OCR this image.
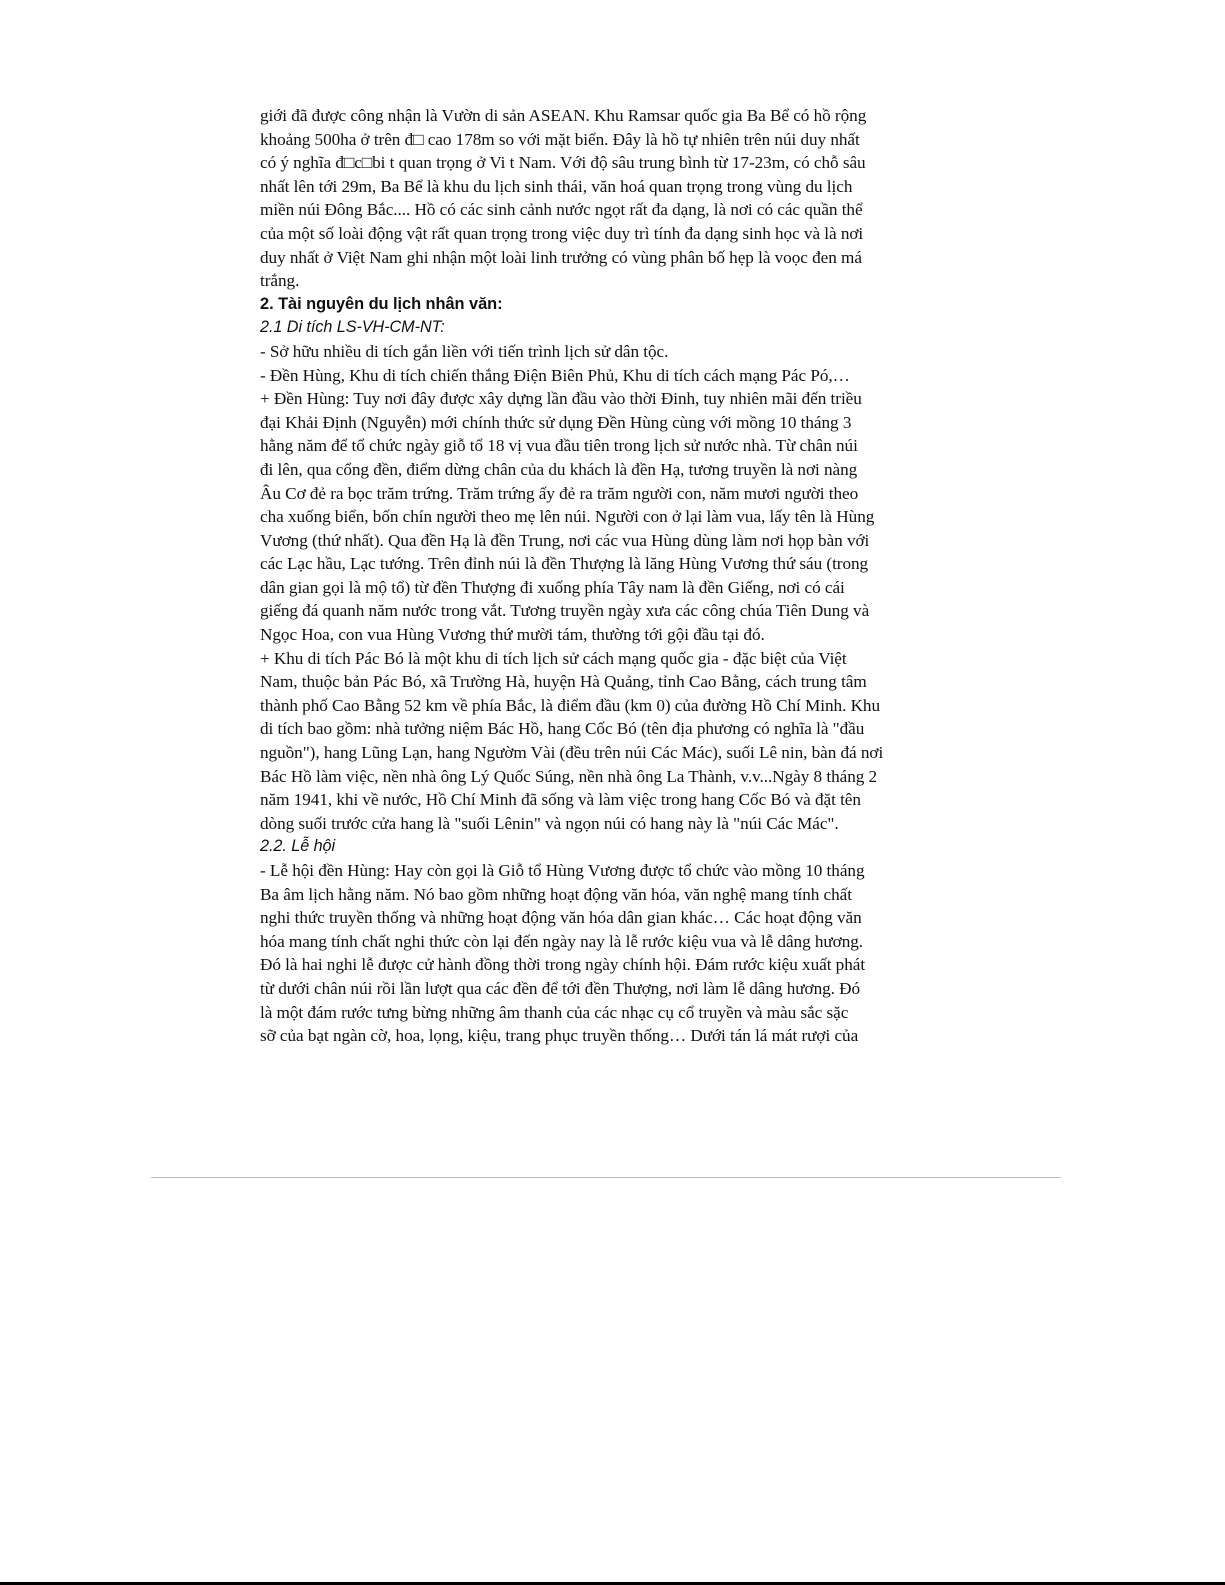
giới đã được công nhận là Vườn di sản ASEAN. Khu Ramsar quốc gia Ba Bể có hồ rộng
khoảng 500ha ở trên đ□ cao 178m so với mặt biển. Đây là hồ tự nhiên trên núi duy nhất
có ý nghĩa đ□c□bi t quan trọng ở Vi t Nam. Với độ sâu trung bình từ 17-23m, có chỗ sâu
nhất lên tới 29m, Ba Bể là khu du lịch sinh thái, văn hoá quan trọng trong vùng du lịch
miền núi Đông Bắc.... Hồ có các sinh cảnh nước ngọt rất đa dạng, là nơi có các quần thể
của một số loài động vật rất quan trọng trong việc duy trì tính đa dạng sinh học và là nơi
duy nhất ở Việt Nam ghi nhận một loài linh trưởng có vùng phân bố hẹp là voọc đen má
trắng.
2. Tài nguyên du lịch nhân văn:
2.1 Di tích LS-VH-CM-NT:
- Sở hữu nhiều di tích gắn liền với tiến trình lịch sử dân tộc.
- Đền Hùng, Khu di tích chiến thắng Điện Biên Phủ, Khu di tích cách mạng Pác Pó,…
+ Đền Hùng: Tuy nơi đây được xây dựng lần đầu vào thời Đinh, tuy nhiên mãi đến triều
đại Khải Định (Nguyễn) mới chính thức sử dụng Đền Hùng cùng với mồng 10 tháng 3
hằng năm để tổ chức ngày giỗ tổ 18 vị vua đầu tiên trong lịch sử nước nhà. Từ chân núi
đi lên, qua cổng đền, điểm dừng chân của du khách là đền Hạ, tương truyền là nơi nàng
Âu Cơ đẻ ra bọc trăm trứng. Trăm trứng ấy đẻ ra trăm người con, năm mươi người theo
cha xuống biển, bốn chín người theo mẹ lên núi. Người con ở lại làm vua, lấy tên là Hùng
Vương (thứ nhất). Qua đền Hạ là đền Trung, nơi các vua Hùng dùng làm nơi họp bàn với
các Lạc hầu, Lạc tướng. Trên đỉnh núi là đền Thượng là lăng Hùng Vương thứ sáu (trong
dân gian gọi là mộ tổ) từ đền Thượng đi xuống phía Tây nam là đền Giếng, nơi có cái
giếng đá quanh năm nước trong vắt. Tương truyền ngày xưa các công chúa Tiên Dung và
Ngọc Hoa, con vua Hùng Vương thứ mười tám, thường tới gội đầu tại đó.
+ Khu di tích Pác Bó là một khu di tích lịch sử cách mạng quốc gia - đặc biệt của Việt
Nam, thuộc bản Pác Bó, xã Trường Hà, huyện Hà Quảng, tỉnh Cao Bằng, cách trung tâm
thành phố Cao Bằng 52 km về phía Bắc, là điểm đầu (km 0) của đường Hồ Chí Minh. Khu
di tích bao gồm: nhà tưởng niệm Bác Hồ, hang Cốc Bó (tên địa phương có nghĩa là "đầu
nguồn"), hang Lũng Lạn, hang Ngườm Vài (đều trên núi Các Mác), suối Lê nin, bàn đá nơi
Bác Hồ làm việc, nền nhà ông Lý Quốc Súng, nền nhà ông La Thành, v.v...Ngày 8 tháng 2
năm 1941, khi về nước, Hồ Chí Minh đã sống và làm việc trong hang Cốc Bó và đặt tên
dòng suối trước cửa hang là "suối Lênin" và ngọn núi có hang này là "núi Các Mác".
2.2. Lễ hội
- Lễ hội đền Hùng: Hay còn gọi là Giỗ tổ Hùng Vương được tổ chức vào mồng 10 tháng
Ba âm lịch hằng năm. Nó bao gồm những hoạt động văn hóa, văn nghệ mang tính chất
nghi thức truyền thống và những hoạt động văn hóa dân gian khác… Các hoạt động văn
hóa mang tính chất nghi thức còn lại đến ngày nay là lễ rước kiệu vua và lễ dâng hương.
Đó là hai nghi lễ được cử hành đồng thời trong ngày chính hội. Đám rước kiệu xuất phát
từ dưới chân núi rồi lần lượt qua các đền để tới đền Thượng, nơi làm lễ dâng hương. Đó
là một đám rước tưng bừng những âm thanh của các nhạc cụ cổ truyền và màu sắc sặc
sỡ của bạt ngàn cờ, hoa, lọng, kiệu, trang phục truyền thống… Dưới tán lá mát rượi của
